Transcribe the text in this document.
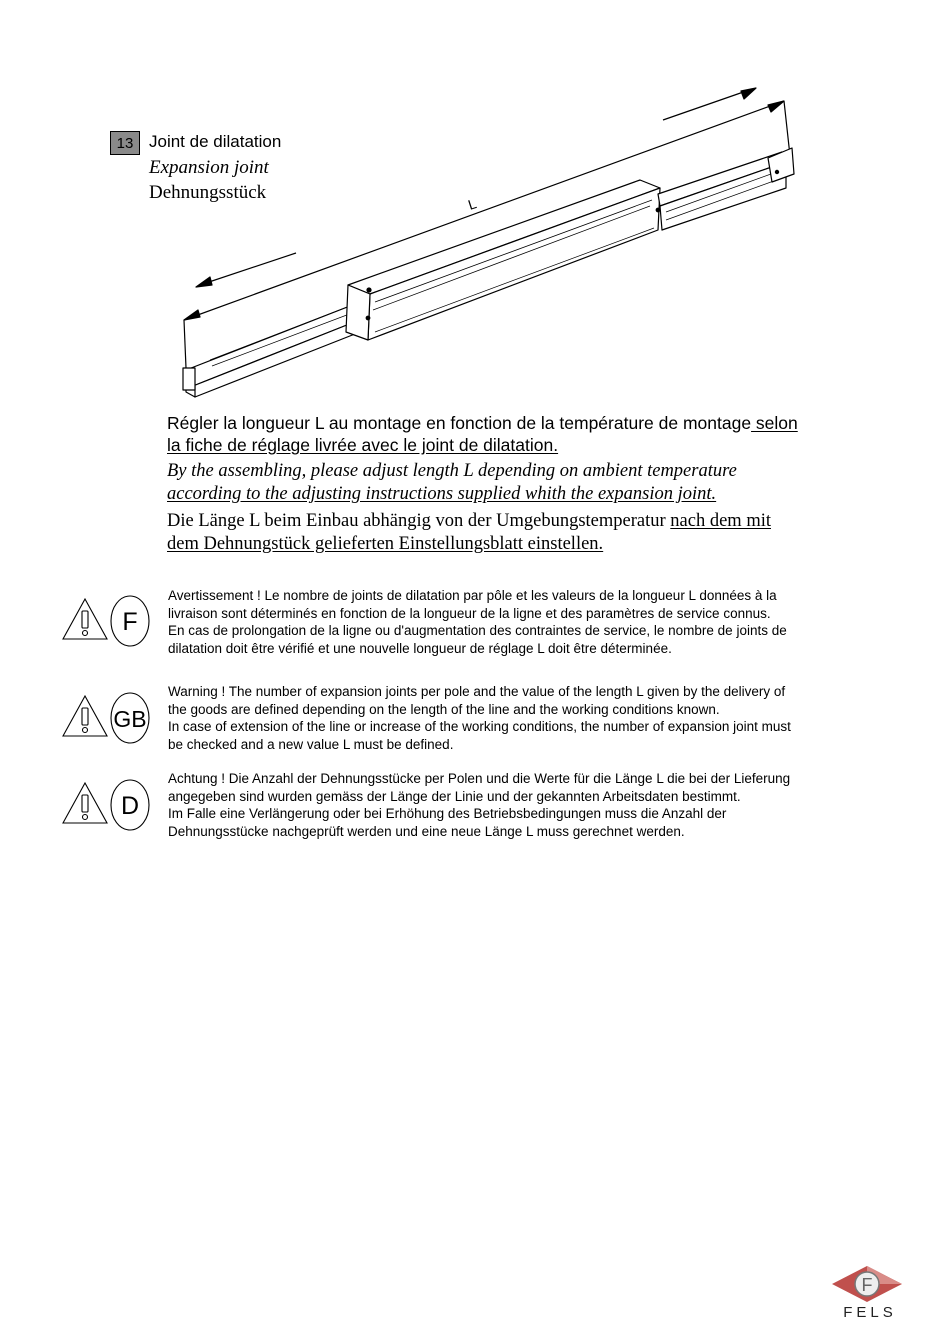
13 Joint de dilatation
Expansion joint
Dehnungsstück
L

Régler la longueur L au montage en fonction de la température de montage selon
la fiche de réglage livrée avec le joint de dilatation.

By the assembling, please adjust length L depending on ambient temperature
according to the adjusting instructions supplied whith the expansion joint.

Die Länge L beim Einbau abhängig von der Umgebungstemperatur nach dem mit
dem Dehnungstück gelieferten Einstellungsblatt einstellen.

F
GB
D

Avertissement ! Le nombre de joints de dilatation par pôle et les valeurs de la longueur L données à la
livraison sont déterminés en fonction de la longueur de la ligne et des paramètres de service connus.
En cas de prolongation de la ligne ou d'augmentation des contraintes de service, le nombre de joints de
dilatation doit être vérifié et une nouvelle longueur de réglage L doit être déterminée.

Warning ! The number of expansion joints per pole and the value of the length L given by the delivery of
the goods are defined depending on the length of the line and the working conditions known.
In case of extension of the line or increase of the working conditions, the number of expansion joint must
be checked and a new value L must be defined.

Achtung ! Die Anzahl der Dehnungsstücke per Polen und die Werte für die Länge L die bei der Lieferung
angegeben sind wurden gemäss der Länge der Linie und der gekannten Arbeitsdaten bestimmt.
Im Falle eine Verlängerung oder bei Erhöhung des Betriebsbedingungen muss die Anzahl der
Dehnungsstücke nachgeprüft werden und eine neue Länge L muss gerechnet werden.

F
FELS
